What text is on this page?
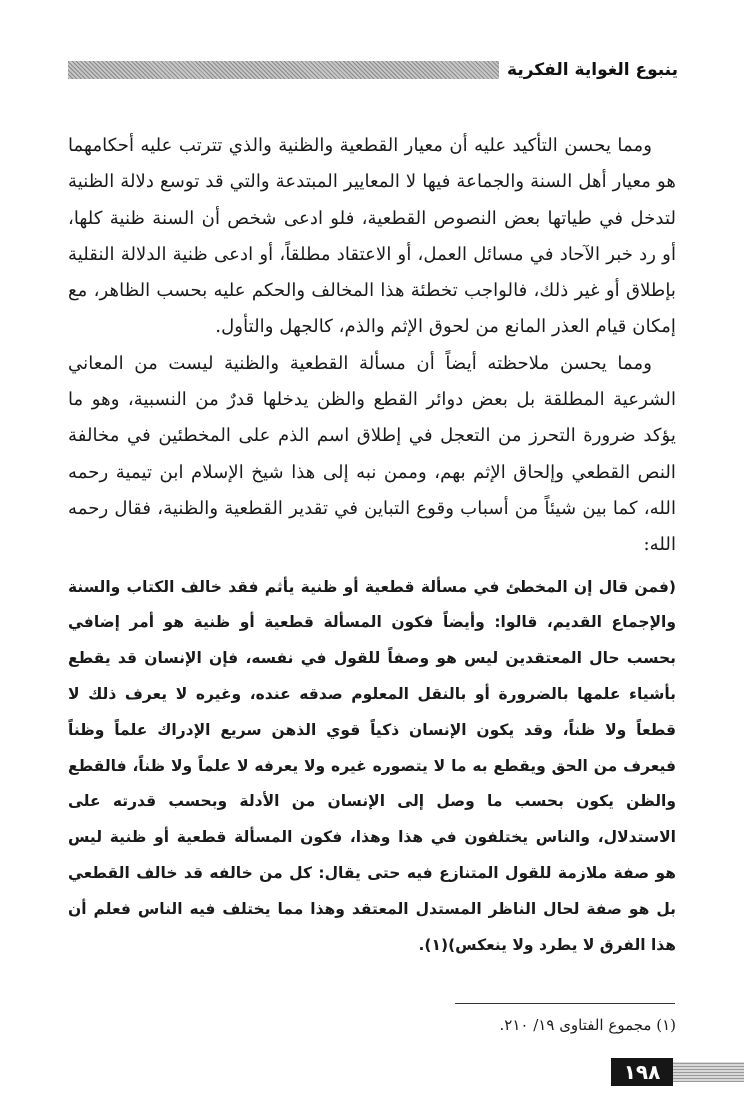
ينبوع الغواية الفكرية

ومما يحسن التأكيد عليه أن معيار القطعية والظنية والذي تترتب عليه أحكامهما هو معيار أهل السنة والجماعة فيها لا المعايير المبتدعة والتي قد توسع دلالة الظنية لتدخل في طياتها بعض النصوص القطعية، فلو ادعى شخص أن السنة ظنية كلها، أو رد خبر الآحاد في مسائل العمل، أو الاعتقاد مطلقاً، أو ادعى ظنية الدلالة النقلية بإطلاق أو غير ذلك، فالواجب تخطئة هذا المخالف والحكم عليه بحسب الظاهر، مع إمكان قيام العذر المانع من لحوق الإثم والذم، كالجهل والتأول.

ومما يحسن ملاحظته أيضاً أن مسألة القطعية والظنية ليست من المعاني الشرعية المطلقة بل بعض دوائر القطع والظن يدخلها قدرٌ من النسبية، وهو ما يؤكد ضرورة التحرز من التعجل في إطلاق اسم الذم على المخطئين في مخالفة النص القطعي وإلحاق الإثم بهم، وممن نبه إلى هذا شيخ الإسلام ابن تيمية رحمه الله، كما بين شيئاً من أسباب وقوع التباين في تقدير القطعية والظنية، فقال رحمه الله:

(فمن قال إن المخطئ في مسألة قطعية أو ظنية يأثم فقد خالف الكتاب والسنة والإجماع القديم، قالوا: وأيضاً فكون المسألة قطعية أو ظنية هو أمر إضافي بحسب حال المعتقدين ليس هو وصفاً للقول في نفسه، فإن الإنسان قد يقطع بأشياء علمها بالضرورة أو بالنقل المعلوم صدقه عنده، وغيره لا يعرف ذلك لا قطعاً ولا ظناً، وقد يكون الإنسان ذكياً قوي الذهن سريع الإدراك علماً وظناً فيعرف من الحق ويقطع به ما لا يتصوره غيره ولا يعرفه لا علماً ولا ظناً، فالقطع والظن يكون بحسب ما وصل إلى الإنسان من الأدلة وبحسب قدرته على الاستدلال، والناس يختلفون في هذا وهذا، فكون المسألة قطعية أو ظنية ليس هو صفة ملازمة للقول المتنازع فيه حتى يقال: كل من خالفه قد خالف القطعي بل هو صفة لحال الناظر المستدل المعتقد وهذا مما يختلف فيه الناس فعلم أن هذا الفرق لا يطرد ولا ينعكس)(١).

(١) مجموع الفتاوى ١٩/ ٢١٠.
١٩٨
